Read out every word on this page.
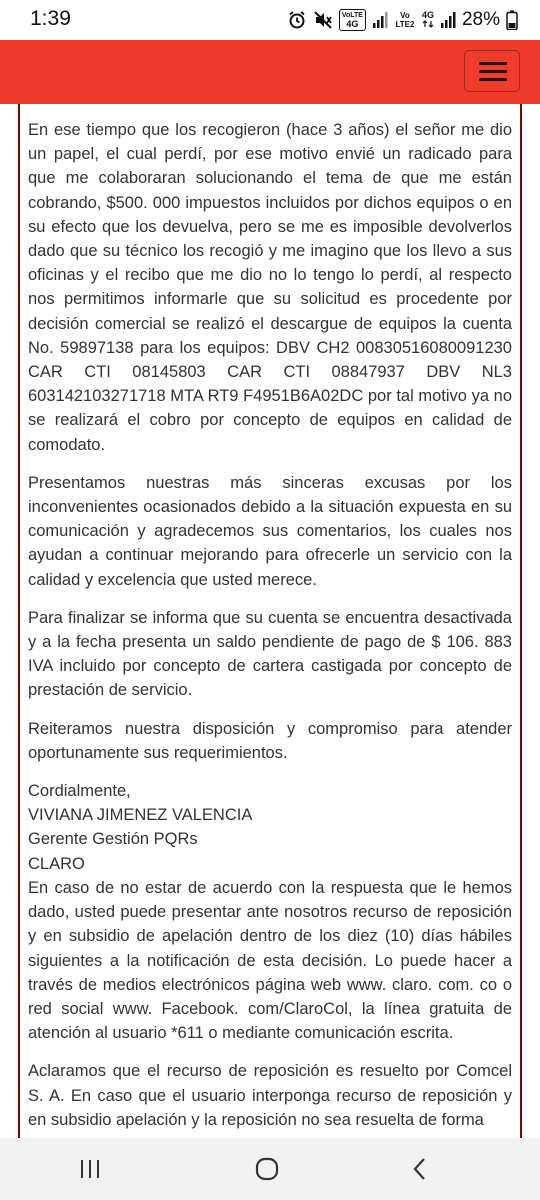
1:39	VoLTE
4G
Vo LTE2
4G 28%

En ese tiempo que los recogieron (hace 3 años) el señor me dio un papel, el cual perdí, por ese motivo envié un radicado para que me colaboraran solucionando el tema de que me están cobrando, $500. 000 impuestos incluidos por dichos equipos o en su efecto que los devuelva, pero se me es imposible devolverlos dado que su técnico los recogió y me imagino que los llevo a sus oficinas y el recibo que me dio no lo tengo lo perdí, al respecto nos permitimos informarle que su solicitud es procedente por decisión comercial se realizó el descargue de equipos la cuenta No. 59897138 para los equipos: DBV CH2 00830516080091230 CAR CTI 08145803 CAR CTI 08847937 DBV NL3 603142103271718 MTA RT9 F4951B6A02DC por tal motivo ya no se realizará el cobro por concepto de equipos en calidad de comodato.

Presentamos nuestras más sinceras excusas por los inconvenientes ocasionados debido a la situación expuesta en su comunicación y agradecemos sus comentarios, los cuales nos ayudan a continuar mejorando para ofrecerle un servicio con la calidad y excelencia que usted merece.

Para finalizar se informa que su cuenta se encuentra desactivada y a la fecha presenta un saldo pendiente de pago de $ 106. 883 IVA incluido por concepto de cartera castigada por concepto de prestación de servicio.

Reiteramos nuestra disposición y compromiso para atender oportunamente sus requerimientos.

Cordialmente,
VIVIANA JIMENEZ VALENCIA
Gerente Gestión PQRs
CLARO
En caso de no estar de acuerdo con la respuesta que le hemos dado, usted puede presentar ante nosotros recurso de reposición y en subsidio de apelación dentro de los diez (10) días hábiles siguientes a la notificación de esta decisión. Lo puede hacer a través de medios electrónicos página web www. claro. com. co o red social www. Facebook. com/ClaroCol, la línea gratuita de atención al usuario *611 o mediante comunicación escrita.

Aclaramos que el recurso de reposición es resuelto por Comcel S. A. En caso que el usuario interponga recurso de reposición y en subsidio apelación y la reposición no sea resuelta de forma
